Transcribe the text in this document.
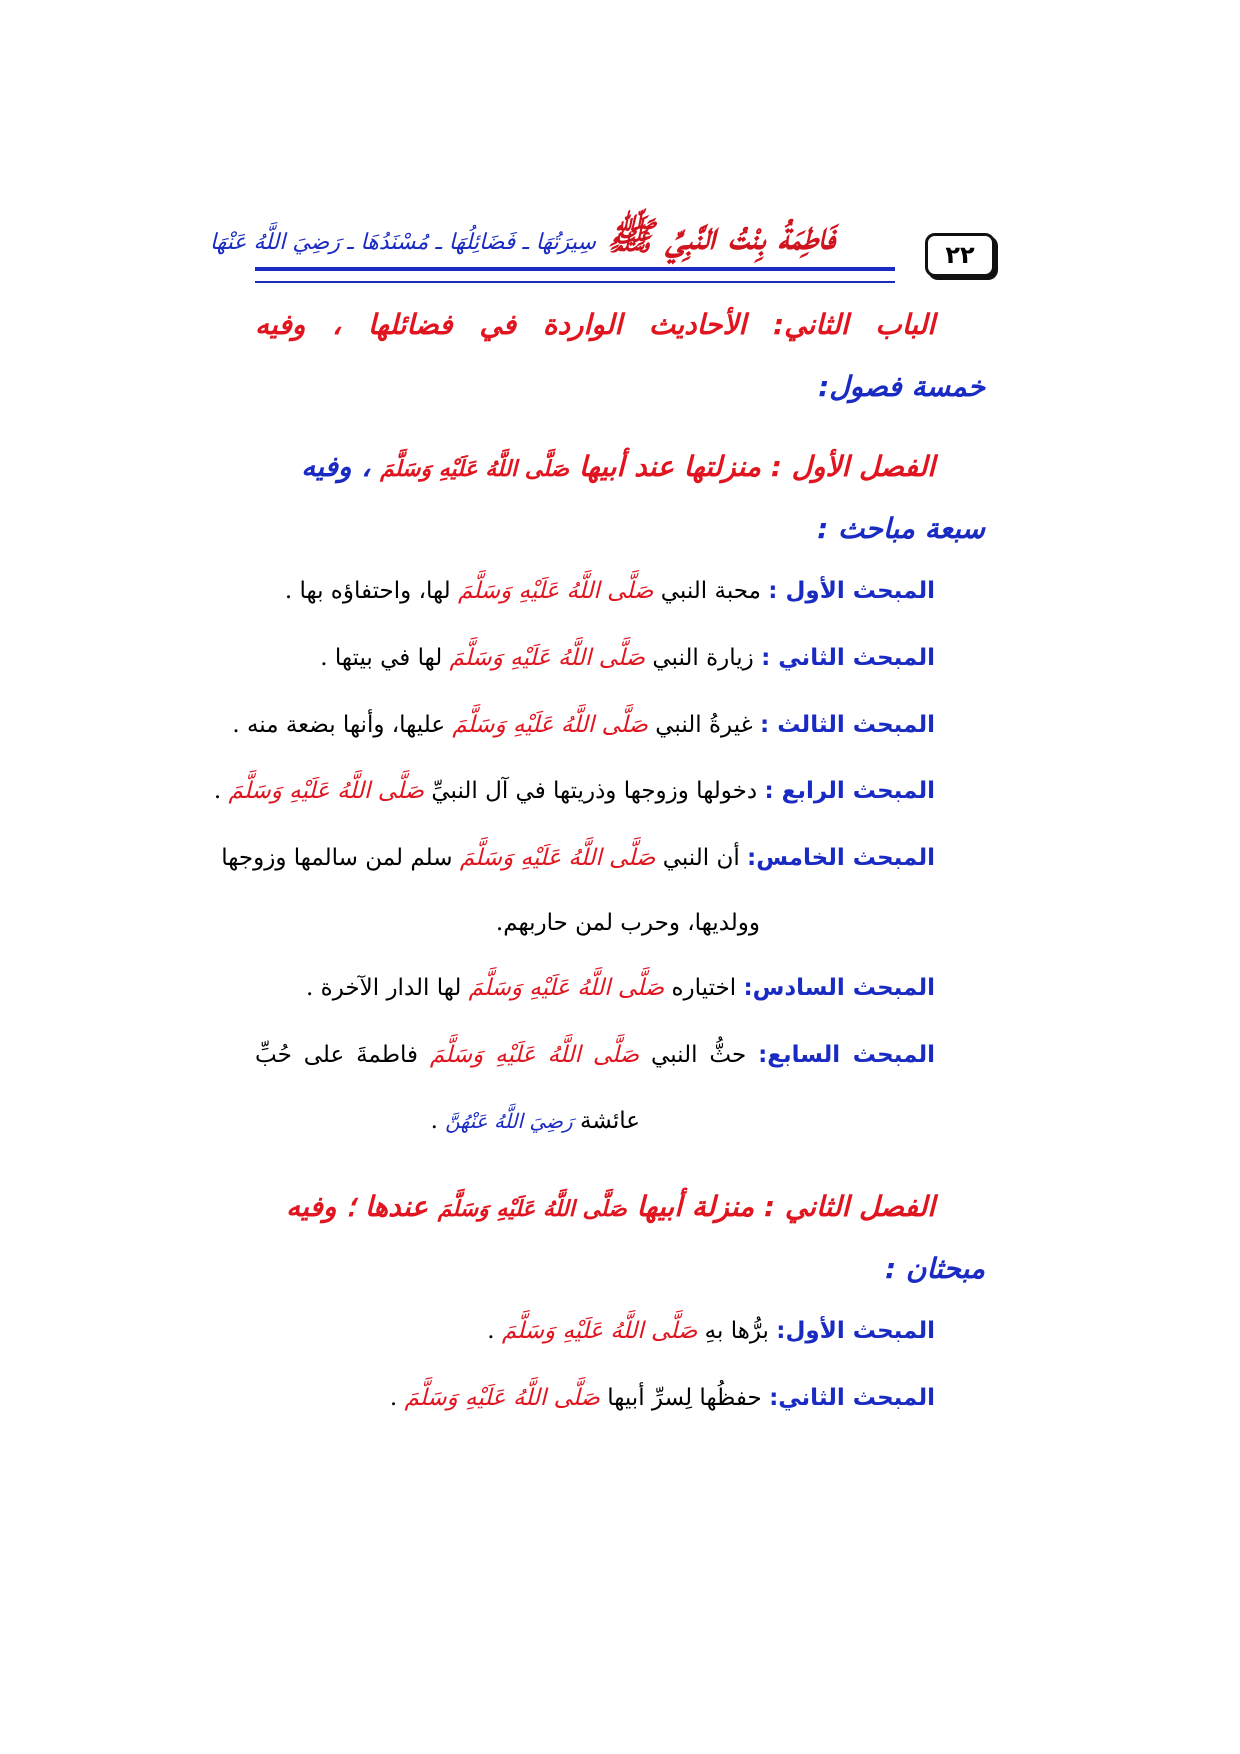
٢٢
فَاطِمَةُ بِنْتُ النَّبِيِّ ﷺ سِيرَتُهَا ـ فَضَائِلُهَا ـ مُسْنَدُهَا ـ رَضِيَ اللَّهُ عَنْهَا
الباب الثاني: الأحاديث الواردة في فضائلها ، وفيه
خمسة فصول:
الفصل الأول : منزلتها عند أبيها صَلَّى اللَّهُ عَلَيْهِ وَسَلَّمَ ، وفيه
سبعة مباحث :
المبحث الأول : محبة النبي صَلَّى اللَّهُ عَلَيْهِ وَسَلَّمَ لها، واحتفاؤه بها .
المبحث الثاني : زيارة النبي صَلَّى اللَّهُ عَلَيْهِ وَسَلَّمَ لها في بيتها .
المبحث الثالث : غيرةُ النبي صَلَّى اللَّهُ عَلَيْهِ وَسَلَّمَ عليها، وأنها بضعة منه .
المبحث الرابع : دخولها وزوجها وذريتها في آل النبيِّ صَلَّى اللَّهُ عَلَيْهِ وَسَلَّمَ .
المبحث الخامس: أن النبي صَلَّى اللَّهُ عَلَيْهِ وَسَلَّمَ سلم لمن سالمها وزوجها
وولديها، وحرب لمن حاربهم.
المبحث السادس: اختياره صَلَّى اللَّهُ عَلَيْهِ وَسَلَّمَ لها الدار الآخرة .
المبحث السابع: حثُّ النبي صَلَّى اللَّهُ عَلَيْهِ وَسَلَّمَ فاطمةَ على حُبِّ
عائشة رَضِيَ اللَّهُ عَنْهُنَّ .
الفصل الثاني : منزلة أبيها صَلَّى اللَّهُ عَلَيْهِ وَسَلَّمَ عندها ؛ وفيه
مبحثان :
المبحث الأول: برُّها بهِ صَلَّى اللَّهُ عَلَيْهِ وَسَلَّمَ .
المبحث الثاني: حفظُها لِسرِّ أبيها صَلَّى اللَّهُ عَلَيْهِ وَسَلَّمَ .
